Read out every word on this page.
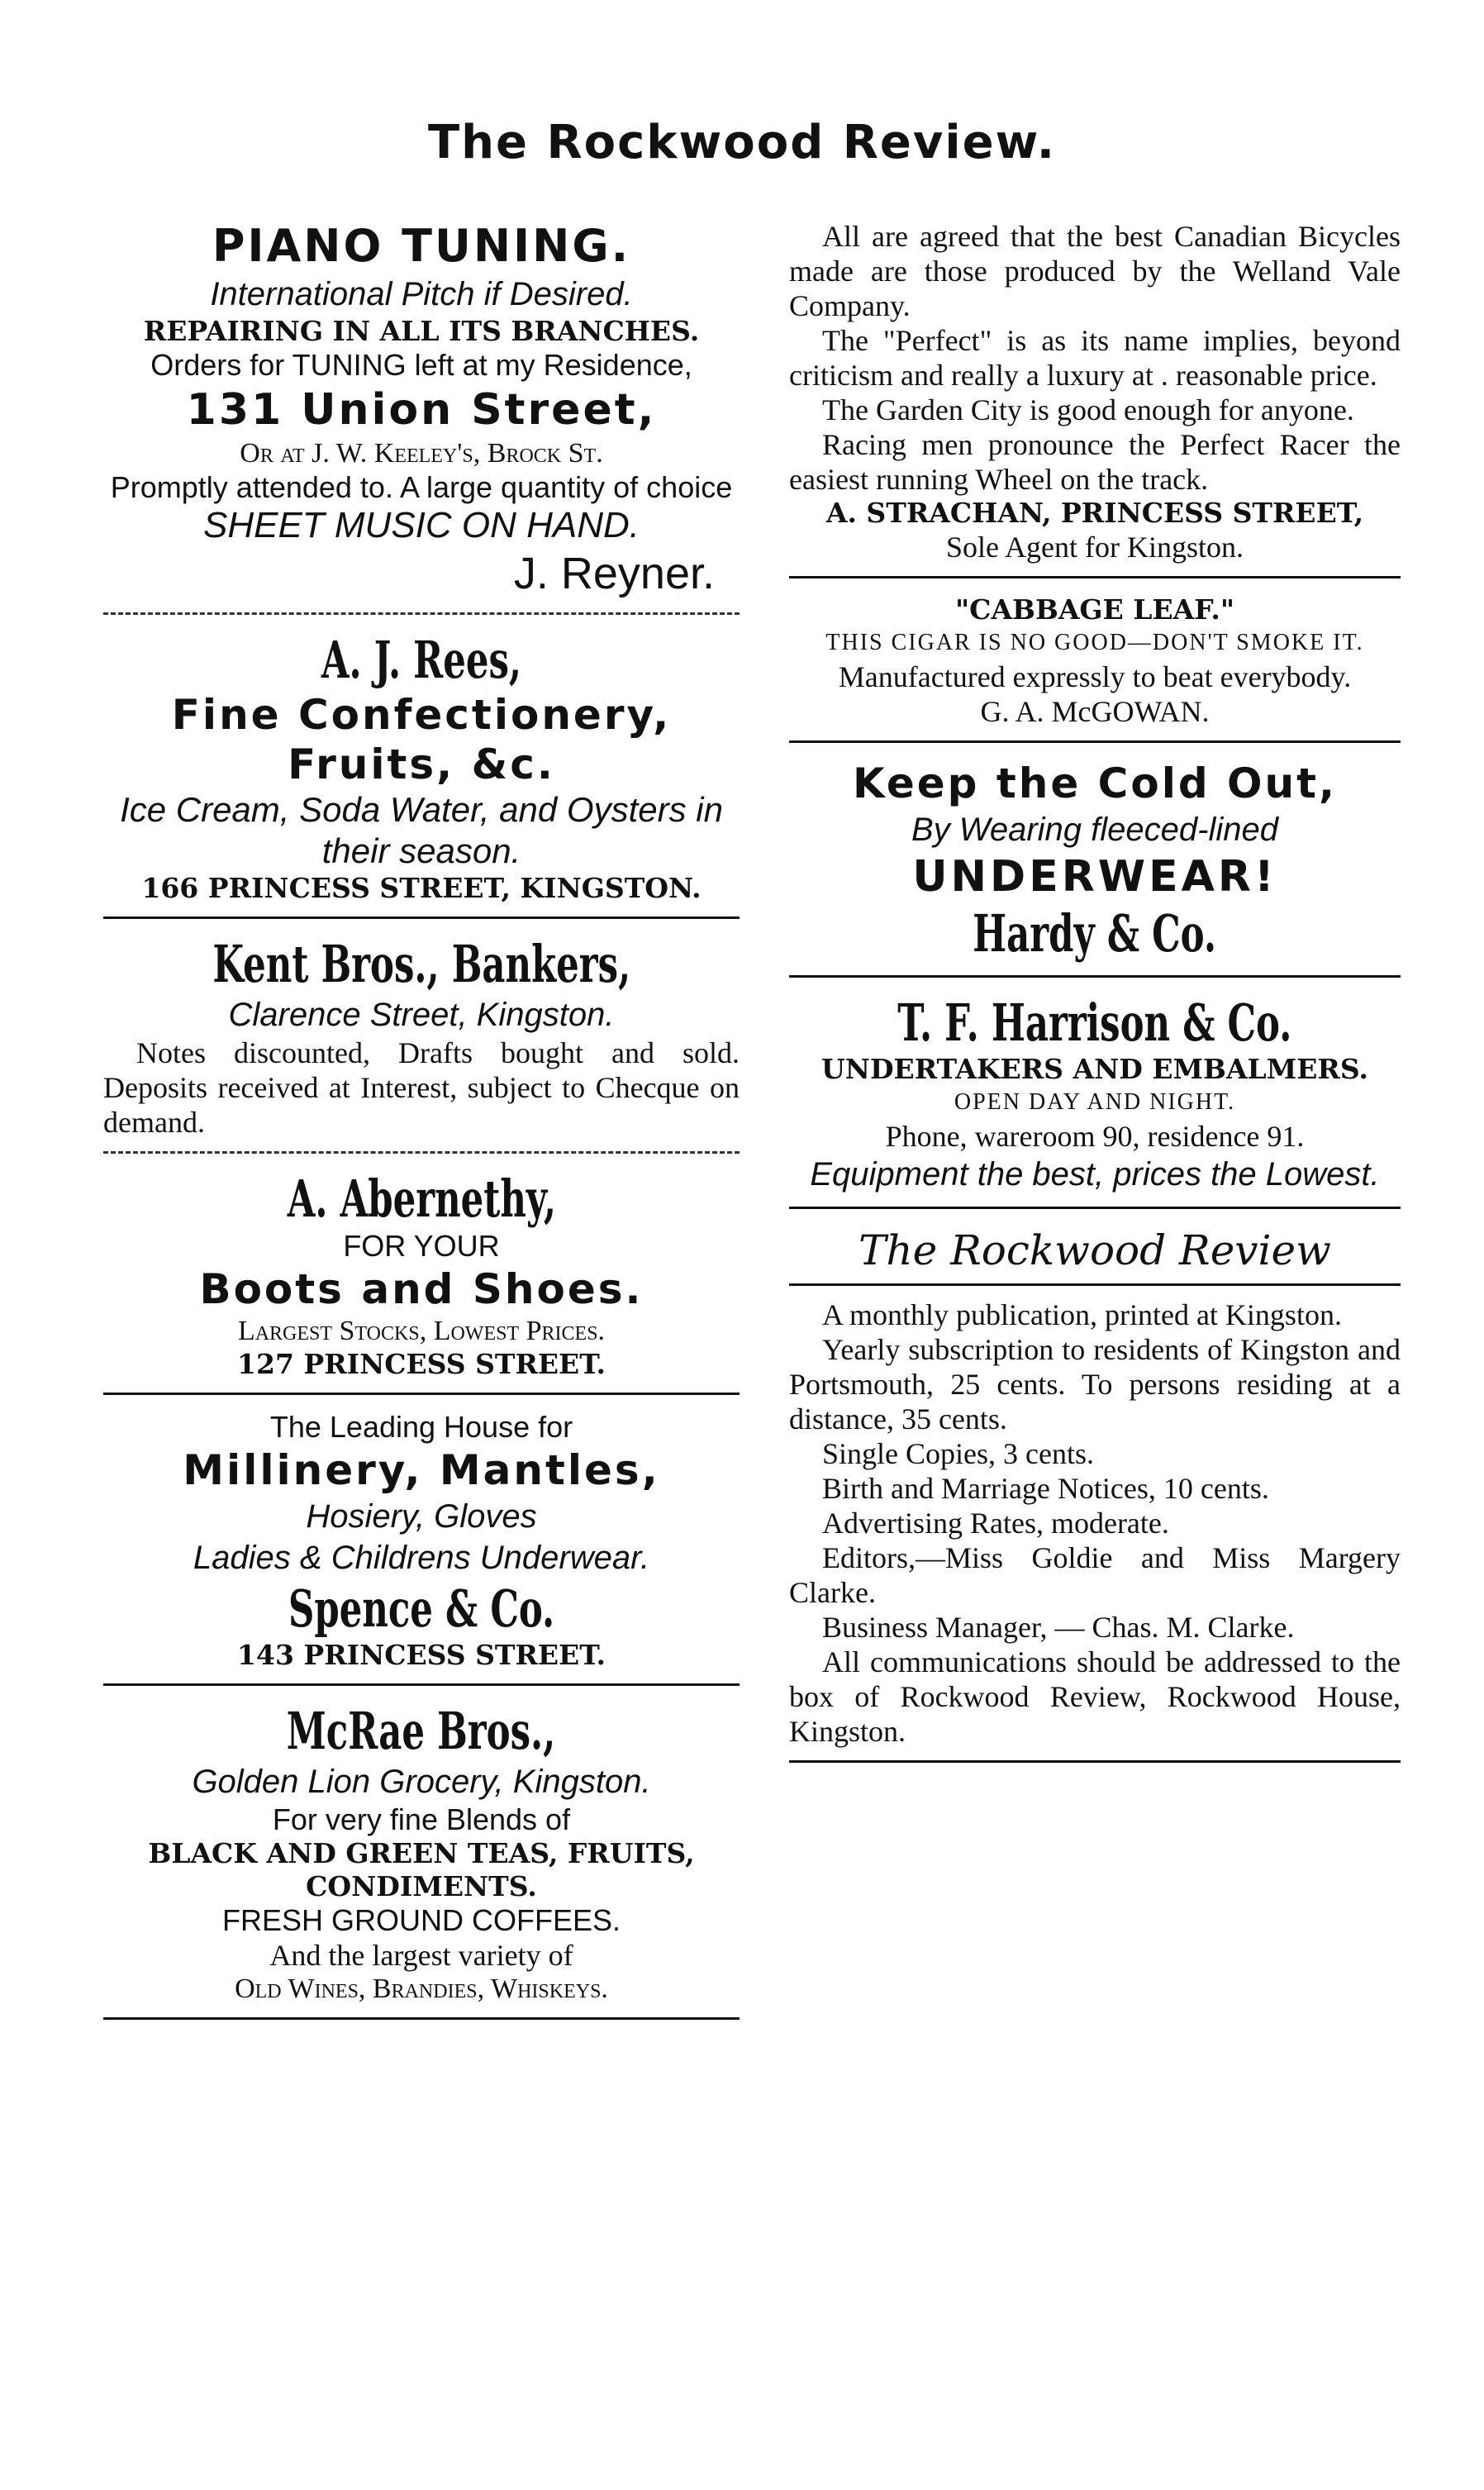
The Rockwood Review.
PIANO TUNING.
International Pitch if Desired.
REPAIRING IN ALL ITS BRANCHES.
Orders for TUNING left at my Residence,
131 Union Street,
Or at J. W. Keeley's, Brock St.
Promptly attended to. A large quantity of choice
SHEET MUSIC ON HAND.
J. Reyner.
A. J. Rees,
Fine Confectionery,
Fruits, &c.
Ice Cream, Soda Water, and Oysters in their season.
166 PRINCESS STREET, KINGSTON.
Kent Bros., Bankers,
Clarence Street, Kingston.

Notes discounted, Drafts bought and sold. Deposits received at Interest, subject to Checque on demand.

A. Abernethy,
FOR YOUR
Boots and Shoes.
Largest Stocks, Lowest Prices.
127 PRINCESS STREET.
The Leading House for
Millinery, Mantles,
Hosiery, Gloves
Ladies & Childrens Underwear.
Spence & Co.
143 PRINCESS STREET.
McRae Bros.,
Golden Lion Grocery, Kingston.
For very fine Blends of
BLACK AND GREEN TEAS, FRUITS, CONDIMENTS.
FRESH GROUND COFFEES.
And the largest variety of
Old Wines, Brandies, Whiskeys.

All are agreed that the best Canadian Bicycles made are those produced by the Welland Vale Company.

The "Perfect" is as its name implies, beyond criticism and really a luxury at . reasonable price.

The Garden City is good enough for anyone.

Racing men pronounce the Perfect Racer the easiest running Wheel on the track.

A. STRACHAN, PRINCESS STREET,
Sole Agent for Kingston.
"CABBAGE LEAF."
THIS CIGAR IS NO GOOD—DON'T SMOKE IT.
Manufactured expressly to beat everybody.
G. A. McGOWAN.
Keep the Cold Out,
By Wearing fleeced-lined
UNDERWEAR!
Hardy & Co.
T. F. Harrison & Co.
UNDERTAKERS AND EMBALMERS.
OPEN DAY AND NIGHT.
Phone, wareroom 90, residence 91.
Equipment the best, prices the Lowest.
The Rockwood Review

A monthly publication, printed at Kingston.

Yearly subscription to residents of Kingston and Portsmouth, 25 cents. To persons residing at a distance, 35 cents.

Single Copies, 3 cents.

Birth and Marriage Notices, 10 cents.

Advertising Rates, moderate.

Editors,—Miss Goldie and Miss Margery Clarke.

Business Manager, — Chas. M. Clarke.

All communications should be addressed to the box of Rockwood Review, Rockwood House, Kingston.
